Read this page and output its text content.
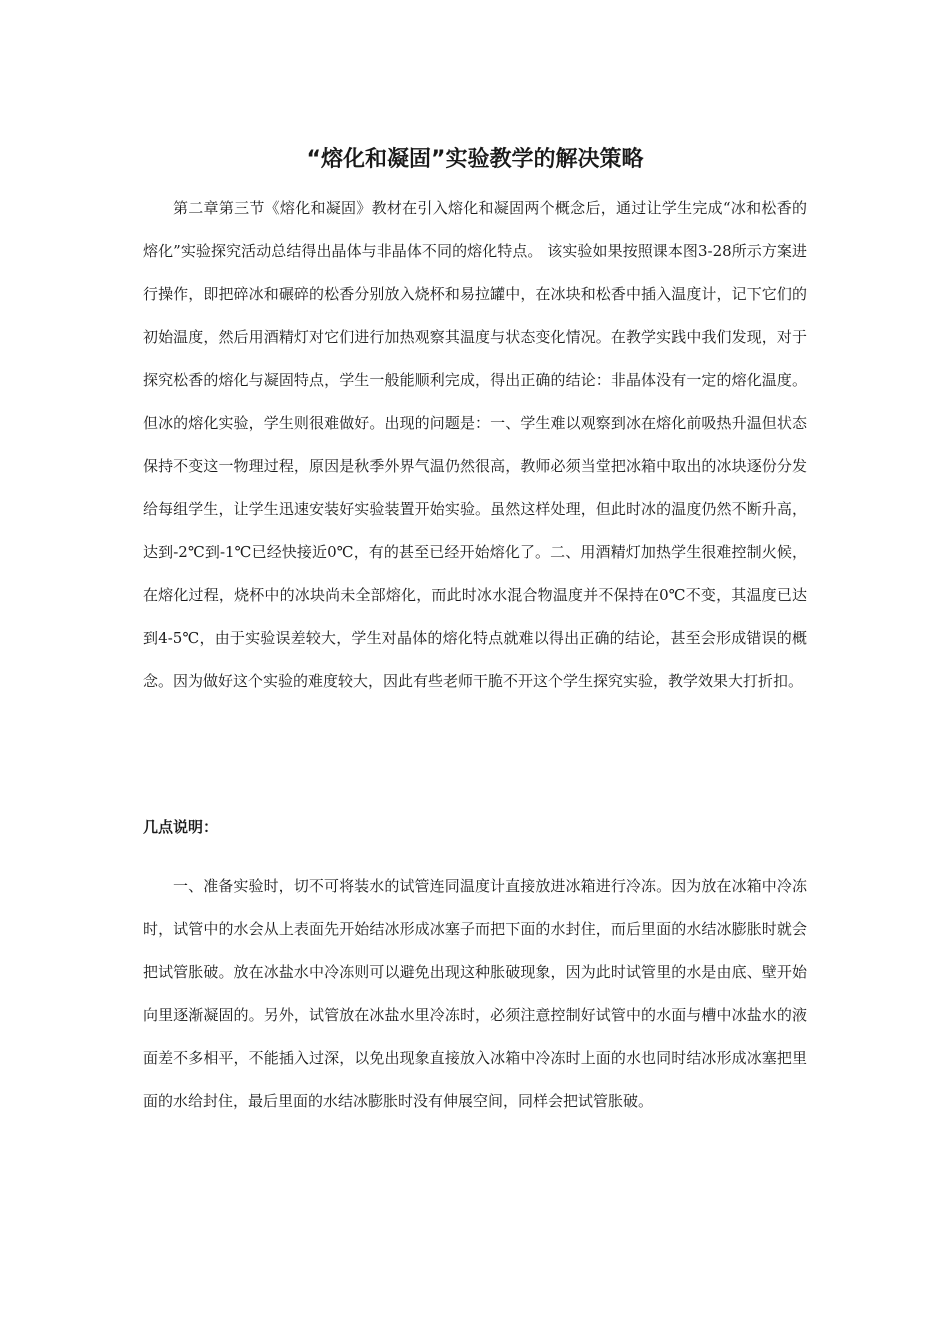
“熔化和凝固”实验教学的解决策略

第二章第三节《熔化和凝固》教材在引入熔化和凝固两个概念后，通过让学生完成“冰和松香的熔化”实验探究活动总结得出晶体与非晶体不同的熔化特点。 该实验如果按照课本图3-28所示方案进行操作，即把碎冰和碾碎的松香分别放入烧杯和易拉罐中，在冰块和松香中插入温度计，记下它们的初始温度，然后用酒精灯对它们进行加热观察其温度与状态变化情况。在教学实践中我们发现，对于探究松香的熔化与凝固特点，学生一般能顺利完成，得出正确的结论：非晶体没有一定的熔化温度。但冰的熔化实验，学生则很难做好。出现的问题是：一、学生难以观察到冰在熔化前吸热升温但状态保持不变这一物理过程，原因是秋季外界气温仍然很高，教师必须当堂把冰箱中取出的冰块逐份分发给每组学生，让学生迅速安装好实验装置开始实验。虽然这样处理，但此时冰的温度仍然不断升高，达到-2℃到-1℃已经快接近0℃，有的甚至已经开始熔化了。二、用酒精灯加热学生很难控制火候，在熔化过程，烧杯中的冰块尚未全部熔化，而此时冰水混合物温度并不保持在0℃不变，其温度已达到4-5℃，由于实验误差较大，学生对晶体的熔化特点就难以得出正确的结论，甚至会形成错误的概念。因为做好这个实验的难度较大，因此有些老师干脆不开这个学生探究实验，教学效果大打折扣。

几点说明：

一、准备实验时，切不可将装水的试管连同温度计直接放进冰箱进行冷冻。因为放在冰箱中冷冻时，试管中的水会从上表面先开始结冰形成冰塞子而把下面的水封住，而后里面的水结冰膨胀时就会把试管胀破。放在冰盐水中冷冻则可以避免出现这种胀破现象，因为此时试管里的水是由底、壁开始向里逐渐凝固的。另外，试管放在冰盐水里冷冻时，必须注意控制好试管中的水面与槽中冰盐水的液面差不多相平，不能插入过深，以免出现象直接放入冰箱中冷冻时上面的水也同时结冰形成冰塞把里面的水给封住，最后里面的水结冰膨胀时没有伸展空间，同样会把试管胀破。
